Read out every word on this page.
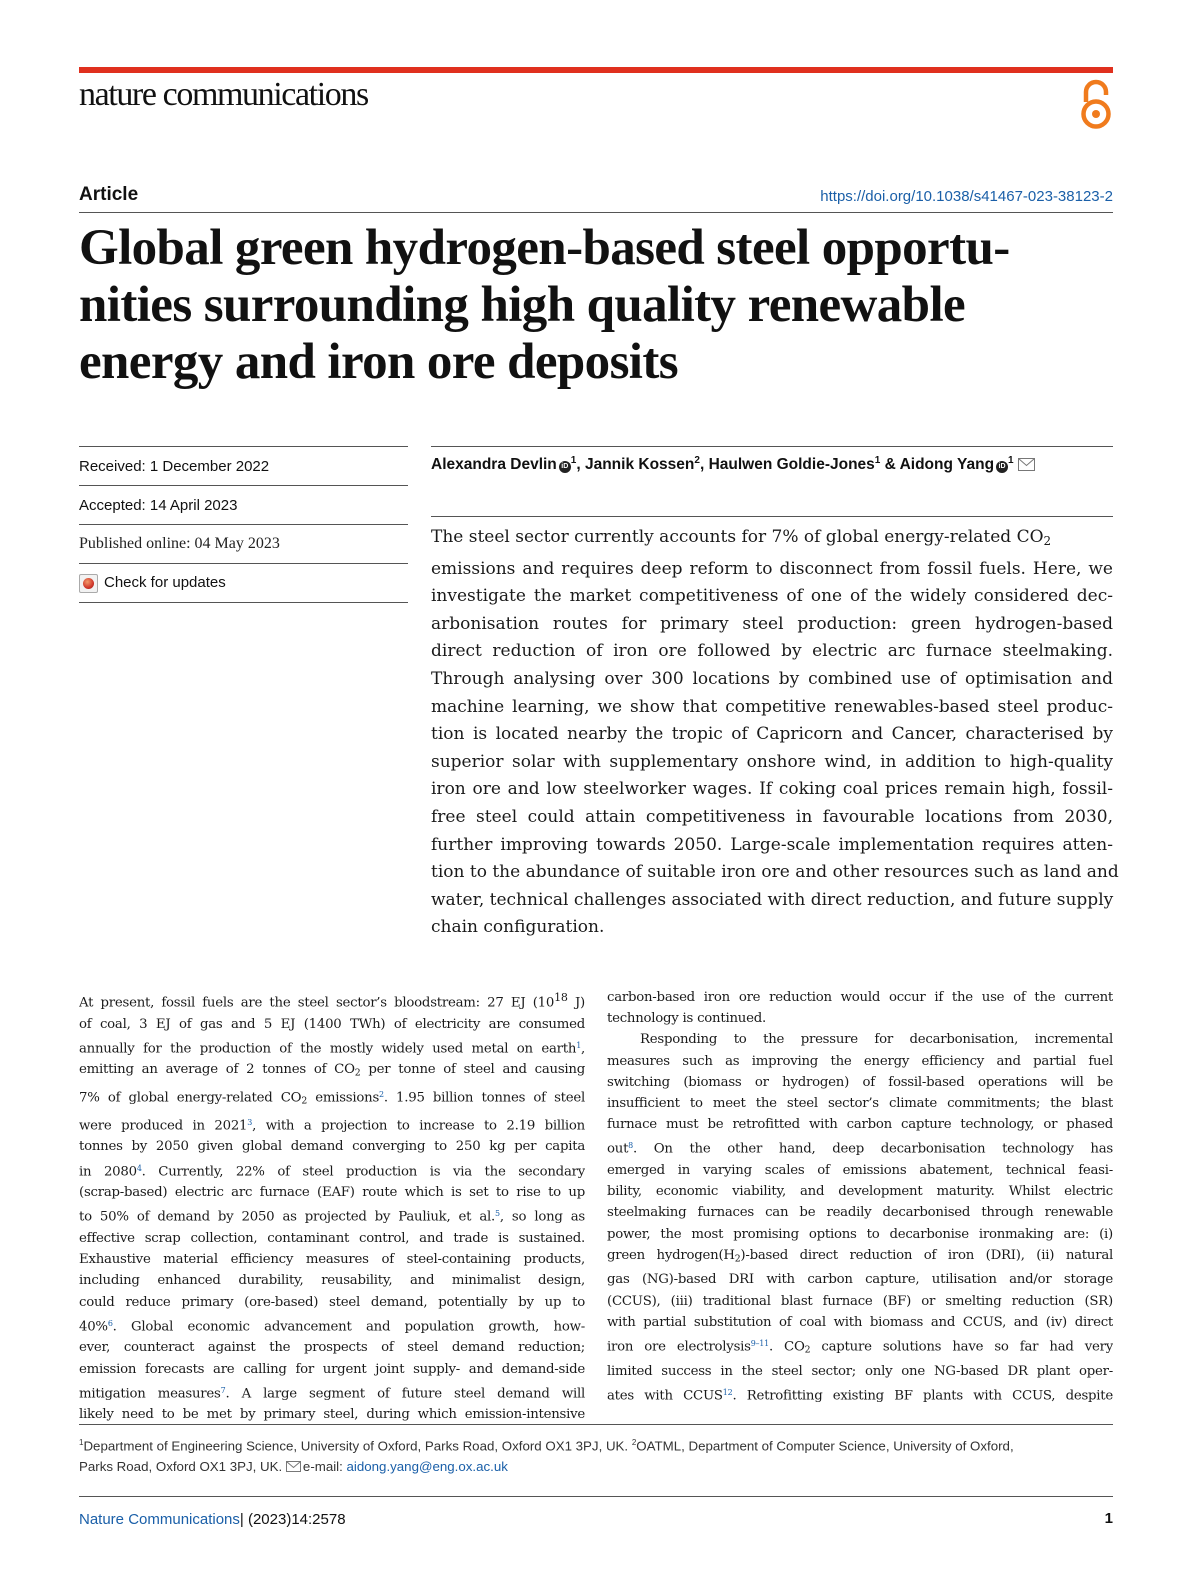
nature communications
Article	https://doi.org/10.1038/s41467-023-38123-2
Global green hydrogen-based steel opportu-
nities surrounding high quality renewable
energy and iron ore deposits
Received: 1 December 2022
Accepted: 14 April 2023
Published online: 04 May 2023
Check for updates
Alexandra Devlin $iD^1$, Jannik Kossen$^2$, Haulwen Goldie-Jones$^1$ & Aidong Yang $iD^1$
The steel sector currently accounts for 7% of global energy-related $CO_2$
emissions and requires deep reform to disconnect from fossil fuels. Here, we
investigate the market competitiveness of one of the widely considered dec-
arbonisation routes for primary steel production: green hydrogen-based
direct reduction of iron ore followed by electric arc furnace steelmaking.
Through analysing over 300 locations by combined use of optimisation and
machine learning, we show that competitive renewables-based steel produc-
tion is located nearby the tropic of Capricorn and Cancer, characterised by
superior solar with supplementary onshore wind, in addition to high-quality
iron ore and low steelworker wages. If coking coal prices remain high, fossil-
free steel could attain competitiveness in favourable locations from 2030,
further improving towards 2050. Large-scale implementation requires atten-
tion to the abundance of suitable iron ore and other resources such as land and
water, technical challenges associated with direct reduction, and future supply
chain configuration.
At present, fossil fuels are the steel sector’s bloodstream: 27 EJ ($10^{18}$ J)
of coal, 3 EJ of gas and 5 EJ (1400 TWh) of electricity are consumed
annually for the production of the mostly widely used metal on earth$^1$,
emitting an average of 2 tonnes of $CO_2$ per tonne of steel and causing
7% of global energy-related $CO_2$ emissions$^2$. 1.95 billion tonnes of steel
were produced in 2021$^3$, with a projection to increase to 2.19 billion
tonnes by 2050 given global demand converging to 250 kg per capita
in 2080$^4$. Currently, 22% of steel production is via the secondary
(scrap-based) electric arc furnace (EAF) route which is set to rise to up
to 50% of demand by 2050 as projected by Pauliuk, et al.$^5$, so long as
effective scrap collection, contaminant control, and trade is sustained.
Exhaustive material efficiency measures of steel-containing products,
including enhanced durability, reusability, and minimalist design,
could reduce primary (ore-based) steel demand, potentially by up to
40%$^6$. Global economic advancement and population growth, how-
ever, counteract against the prospects of steel demand reduction;
emission forecasts are calling for urgent joint supply- and demand-side
mitigation measures$^7$. A large segment of future steel demand will
likely need to be met by primary steel, during which emission-intensive
carbon-based iron ore reduction would occur if the use of the current
technology is continued.
Responding to the pressure for decarbonisation, incremental
measures such as improving the energy efficiency and partial fuel
switching (biomass or hydrogen) of fossil-based operations will be
insufficient to meet the steel sector’s climate commitments; the blast
furnace must be retrofitted with carbon capture technology, or phased
out$^8$. On the other hand, deep decarbonisation technology has
emerged in varying scales of emissions abatement, technical feasi-
bility, economic viability, and development maturity. Whilst electric
steelmaking furnaces can be readily decarbonised through renewable
power, the most promising options to decarbonise ironmaking are: (i)
green $hydrogen(H_2)$-based direct reduction of iron (DRI), (ii) natural
gas (NG)-based DRI with carbon capture, utilisation and/or storage
(CCUS), (iii) traditional blast furnace (BF) or smelting reduction (SR)
with partial substitution of coal with biomass and CCUS, and (iv) direct
iron ore electrolysis$^{9-11}$. $CO_2$ capture solutions have so far had very
limited success in the steel sector; only one NG-based DR plant oper-
ates with CCUS$^{12}$. Retrofitting existing BF plants with CCUS, despite
$^1$Department of Engineering Science, University of Oxford, Parks Road, Oxford OX1 3PJ, UK. $^2$OATML, Department of Computer Science, University of Oxford,
Parks Road, Oxford OX1 3PJ, UK. e-mail: aidong.yang@eng.ox.ac.uk
Nature Communications| (2023)14:2578	1
